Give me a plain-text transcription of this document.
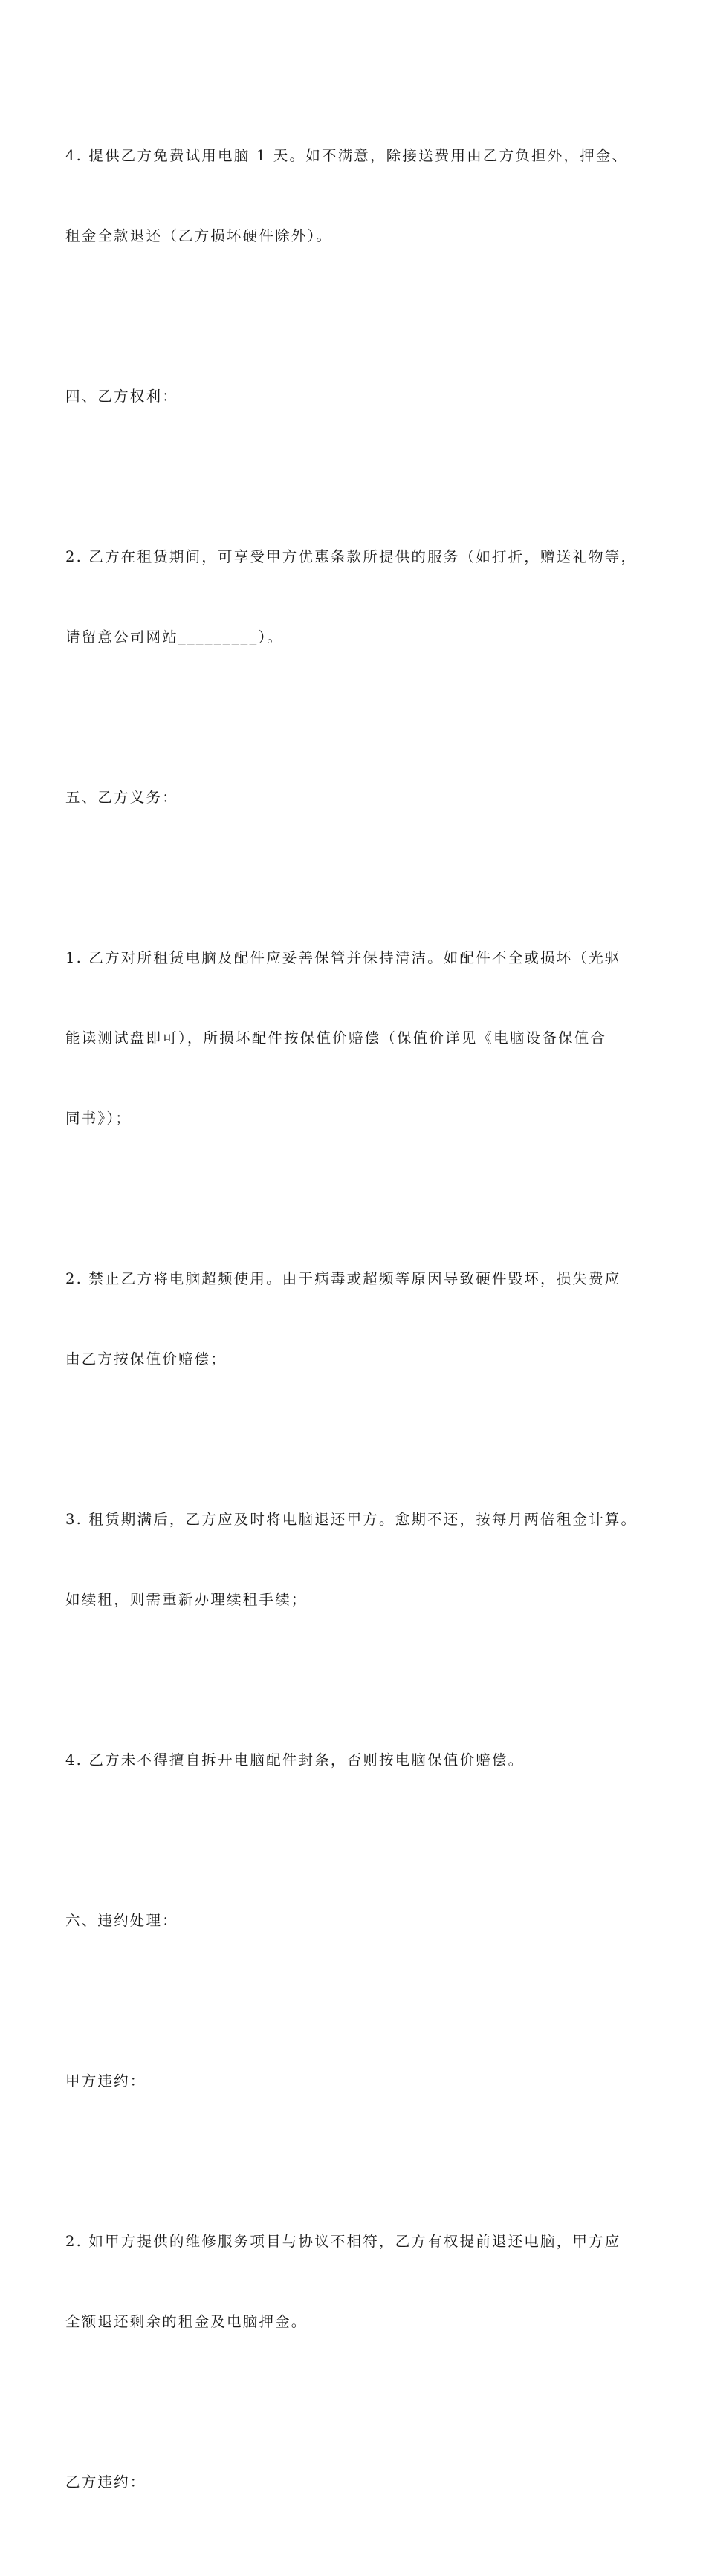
4. 提供乙方免费试用电脑 1 天。如不满意，除接送费用由乙方负担外，押金、

租金全款退还（乙方损坏硬件除外）。

四、乙方权利：

2. 乙方在租赁期间，可享受甲方优惠条款所提供的服务（如打折，赠送礼物等，

请留意公司网站_________）。

五、乙方义务：

1. 乙方对所租赁电脑及配件应妥善保管并保持清洁。如配件不全或损坏（光驱

能读测试盘即可），所损坏配件按保值价赔偿（保值价详见《电脑设备保值合

同书》）；

2. 禁止乙方将电脑超频使用。由于病毒或超频等原因导致硬件毁坏，损失费应

由乙方按保值价赔偿；

3. 租赁期满后，乙方应及时将电脑退还甲方。愈期不还，按每月两倍租金计算。

如续租，则需重新办理续租手续；

4. 乙方未不得擅自拆开电脑配件封条，否则按电脑保值价赔偿。

六、违约处理：

甲方违约：

2. 如甲方提供的维修服务项目与协议不相符，乙方有权提前退还电脑，甲方应

全额退还剩余的租金及电脑押金。

乙方违约：
